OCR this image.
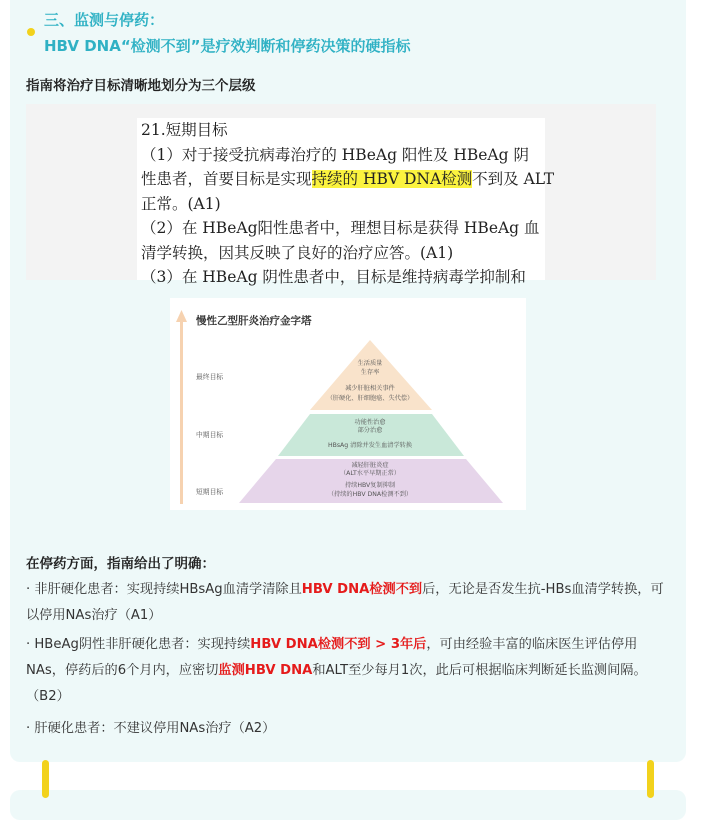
三、监测与停药：
HBV DNA“检测不到”是疗效判断和停药决策的硬指标
指南将治疗目标清晰地划分为三个层级
21.短期目标
（1）对于接受抗病毒治疗的 HBeAg 阳性及 HBeAg 阴
性患者，首要目标是实现持续的 HBV DNA检测不到及 ALT
正常。(A1)
（2）在 HBeAg阳性患者中，理想目标是获得 HBeAg 血
清学转换，因其反映了良好的治疗应答。(A1)
（3）在 HBeAg 阴性患者中，目标是维持病毒学抑制和
慢性乙型肝炎治疗金字塔
最终目标
中期目标
短期目标
生活质量
生存率
减少肝脏相关事件
（肝硬化、肝细胞癌、失代偿）
功能性治愈
部分治愈
HBsAg 清除并发生血清学转换
减轻肝脏炎症
（ALT水平早期正常）
持续HBV复制抑制
（持续的HBV DNA检测不到）
在停药方面，指南给出了明确：
· 非肝硬化患者：实现持续HBsAg血清学清除且HBV DNA检测不到后，无论是否发生抗-HBs血清学转换，可以停用NAs治疗（A1）
· HBeAg阴性非肝硬化患者：实现持续HBV DNA检测不到 > 3年后，可由经验丰富的临床医生评估停用NAs，停药后的6个月内，应密切监测HBV DNA和ALT至少每月1次，此后可根据临床判断延长监测间隔。（B2）
· 肝硬化患者：不建议停用NAs治疗（A2）
